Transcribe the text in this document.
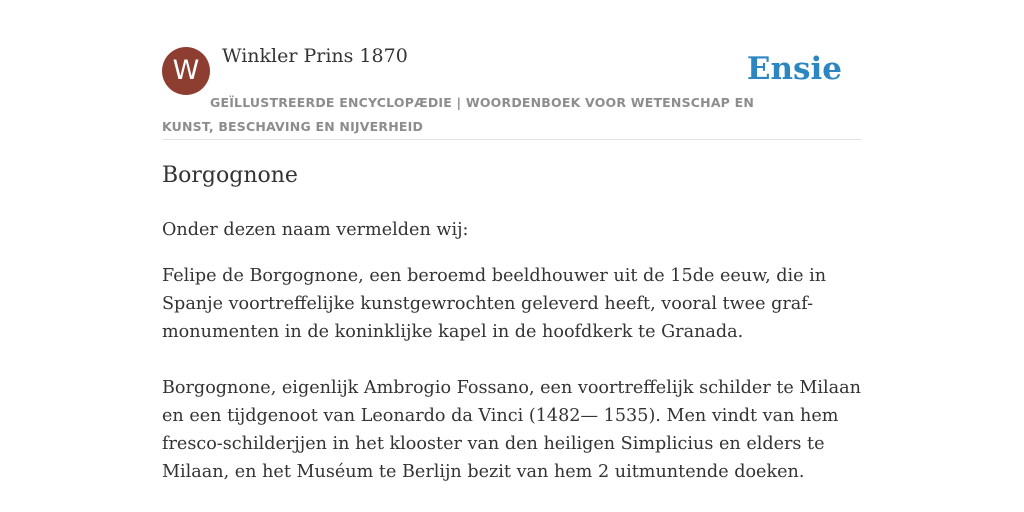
W	Winkler Prins 1870	Ensie
GEÏLLUSTREERDE ENCYCLOPÆDIE | WOORDENBOEK VOOR WETENSCHAP EN KUNST, BESCHAVING EN NIJVERHEID
Borgognone

Onder dezen naam vermelden wij:

Felipe de Borgognone, een beroemd beeldhouwer uit de 15de eeuw, die in Spanje voortreffelijke kunstgewrochten geleverd heeft, vooral twee graf-monumenten in de koninklijke kapel in de hoofdkerk te Granada.

Borgognone, eigenlijk Ambrogio Fossano, een voortreffelijk schilder te Milaan en een tijdgenoot van Leonardo da Vinci (1482— 1535). Men vindt van hem fresco-schilderjjen in het klooster van den heiligen Simplicius en elders te Milaan, en het Muséum te Berlijn bezit van hem 2 uitmuntende doeken.
